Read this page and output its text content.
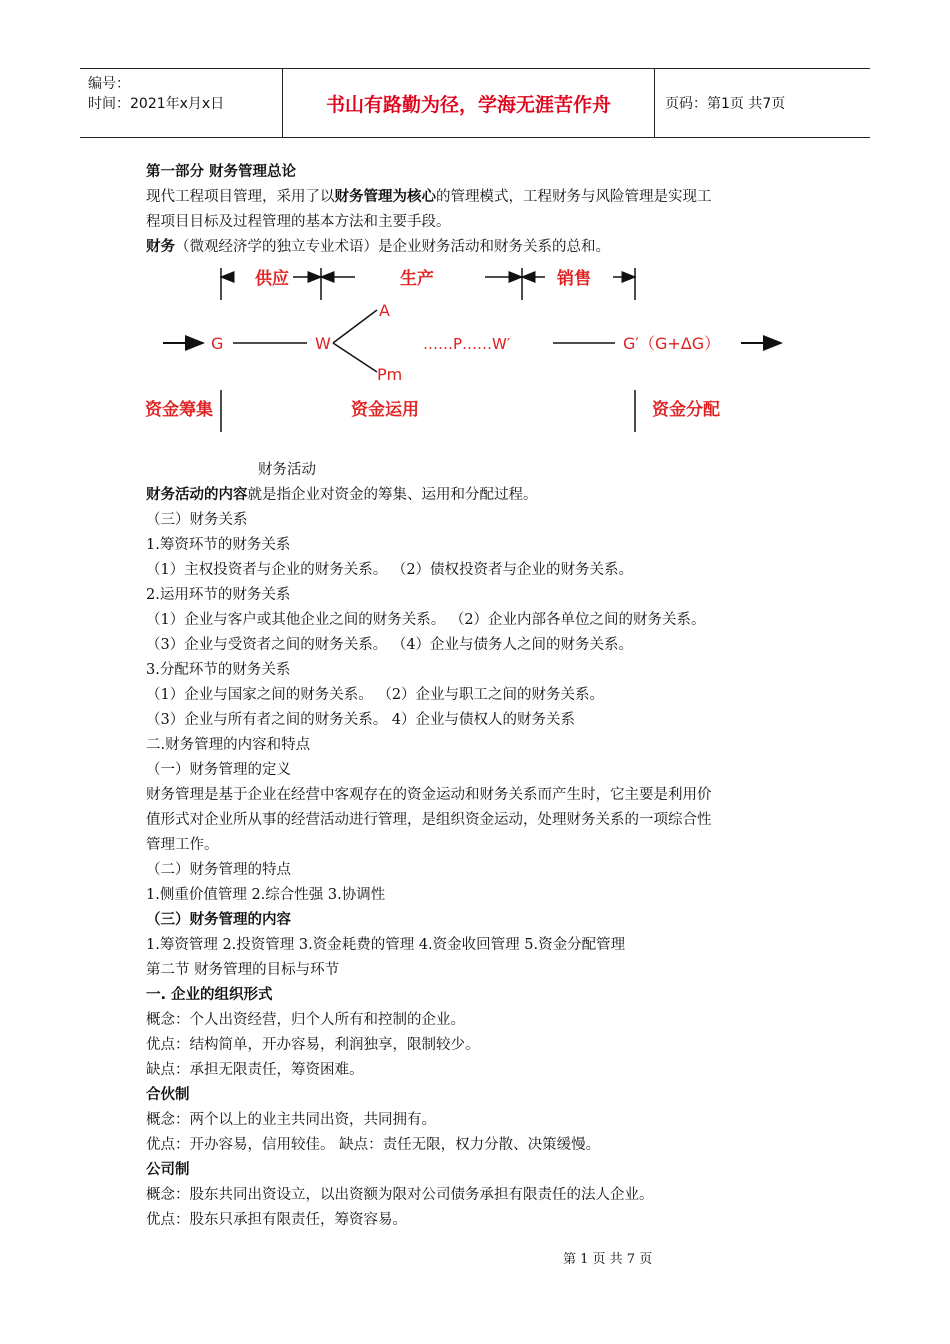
编号：
时间：2021年x月x日	书山有路勤为径，学海无涯苦作舟	页码：第1页 共7页
第一部分 财务管理总论
现代工程项目管理，采用了以财务管理为核心的管理模式，工程财务与风险管理是实现工
程项目目标及过程管理的基本方法和主要手段。
财务（微观经济学的独立专业术语）是企业财务活动和财务关系的总和。
供应	生产	销售
G	W
A
Pm
……P……W′	G′（G+ΔG）
资金筹集	资金运用	资金分配
财务活动
财务活动的内容就是指企业对资金的筹集、运用和分配过程。
（三）财务关系
1.筹资环节的财务关系
（1）主权投资者与企业的财务关系。 （2）债权投资者与企业的财务关系。
2.运用环节的财务关系
（1）企业与客户或其他企业之间的财务关系。 （2）企业内部各单位之间的财务关系。
（3）企业与受资者之间的财务关系。 （4）企业与债务人之间的财务关系。
3.分配环节的财务关系
（1）企业与国家之间的财务关系。 （2）企业与职工之间的财务关系。
（3）企业与所有者之间的财务关系。 4）企业与债权人的财务关系
二.财务管理的内容和特点
（一）财务管理的定义
财务管理是基于企业在经营中客观存在的资金运动和财务关系而产生时，它主要是利用价
值形式对企业所从事的经营活动进行管理，是组织资金运动，处理财务关系的一项综合性
管理工作。
（二）财务管理的特点
1.侧重价值管理 2.综合性强 3.协调性
（三）财务管理的内容
1.筹资管理 2.投资管理 3.资金耗费的管理 4.资金收回管理 5.资金分配管理
第二节 财务管理的目标与环节
一. 企业的组织形式
概念：个人出资经营，归个人所有和控制的企业。
优点：结构简单，开办容易，利润独享，限制较少。
缺点：承担无限责任，筹资困难。
合伙制
概念：两个以上的业主共同出资，共同拥有。
优点：开办容易，信用较佳。 缺点：责任无限，权力分散、决策缓慢。
公司制
概念：股东共同出资设立，以出资额为限对公司债务承担有限责任的法人企业。
优点：股东只承担有限责任，筹资容易。
第 1 页 共 7 页
